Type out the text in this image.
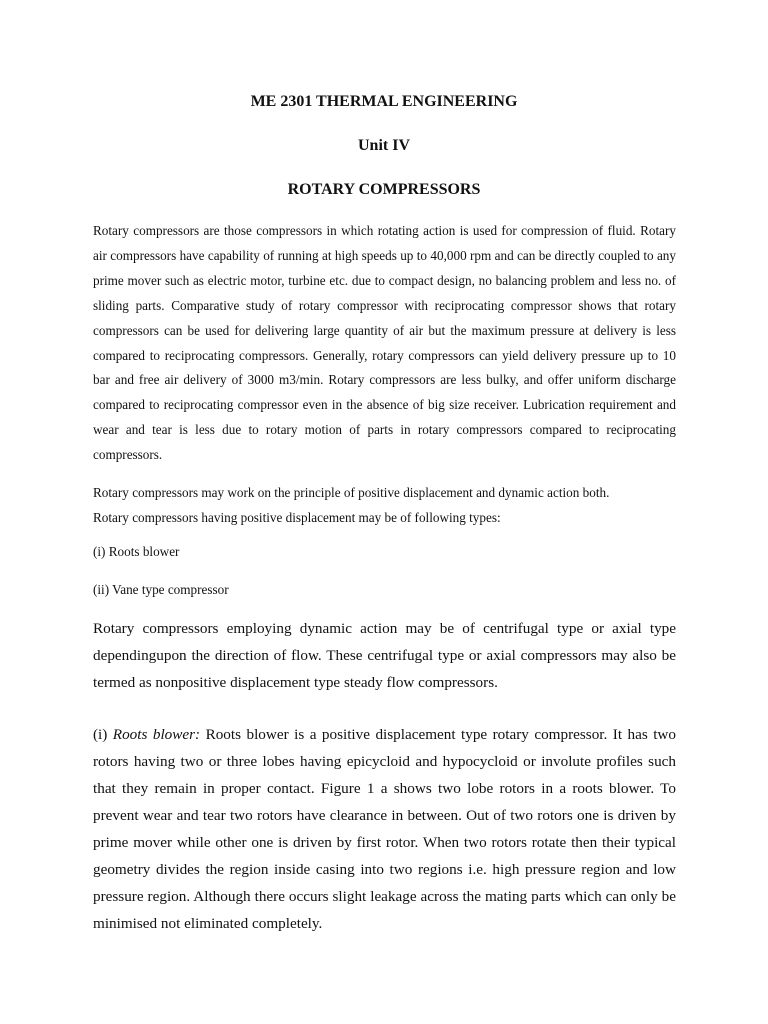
ME 2301 THERMAL ENGINEERING
Unit IV
ROTARY COMPRESSORS

Rotary compressors are those compressors in which rotating action is used for compression of fluid. Rotary air compressors have capability of running at high speeds up to 40,000 rpm and can be directly coupled to any prime mover such as electric motor, turbine etc. due to compact design, no balancing problem and less no. of sliding parts. Comparative study of rotary compressor with reciprocating compressor shows that rotary compressors can be used for delivering large quantity of air but the maximum pressure at delivery is less compared to reciprocating compressors. Generally, rotary compressors can yield delivery pressure up to 10 bar and free air delivery of 3000 m3/min. Rotary compressors are less bulky, and offer uniform discharge compared to reciprocating compressor even in the absence of big size receiver. Lubrication requirement and wear and tear is less due to rotary motion of parts in rotary compressors compared to reciprocating compressors.

Rotary compressors may work on the principle of positive displacement and dynamic action both.
Rotary compressors having positive displacement may be of following types:

(i) Roots blower

(ii) Vane type compressor

Rotary compressors employing dynamic action may be of centrifugal type or axial type dependingupon the direction of flow. These centrifugal type or axial compressors may also be termed as nonpositive displacement type steady flow compressors.

(i) Roots blower: Roots blower is a positive displacement type rotary compressor. It has two rotors having two or three lobes having epicycloid and hypocycloid or involute profiles such that they remain in proper contact. Figure 1 a shows two lobe rotors in a roots blower. To prevent wear and tear two rotors have clearance in between. Out of two rotors one is driven by prime mover while other one is driven by first rotor. When two rotors rotate then their typical geometry divides the region inside casing into two regions i.e. high pressure region and low pressure region. Although there occurs slight leakage across the mating parts which can only be minimised not eliminated completely.
